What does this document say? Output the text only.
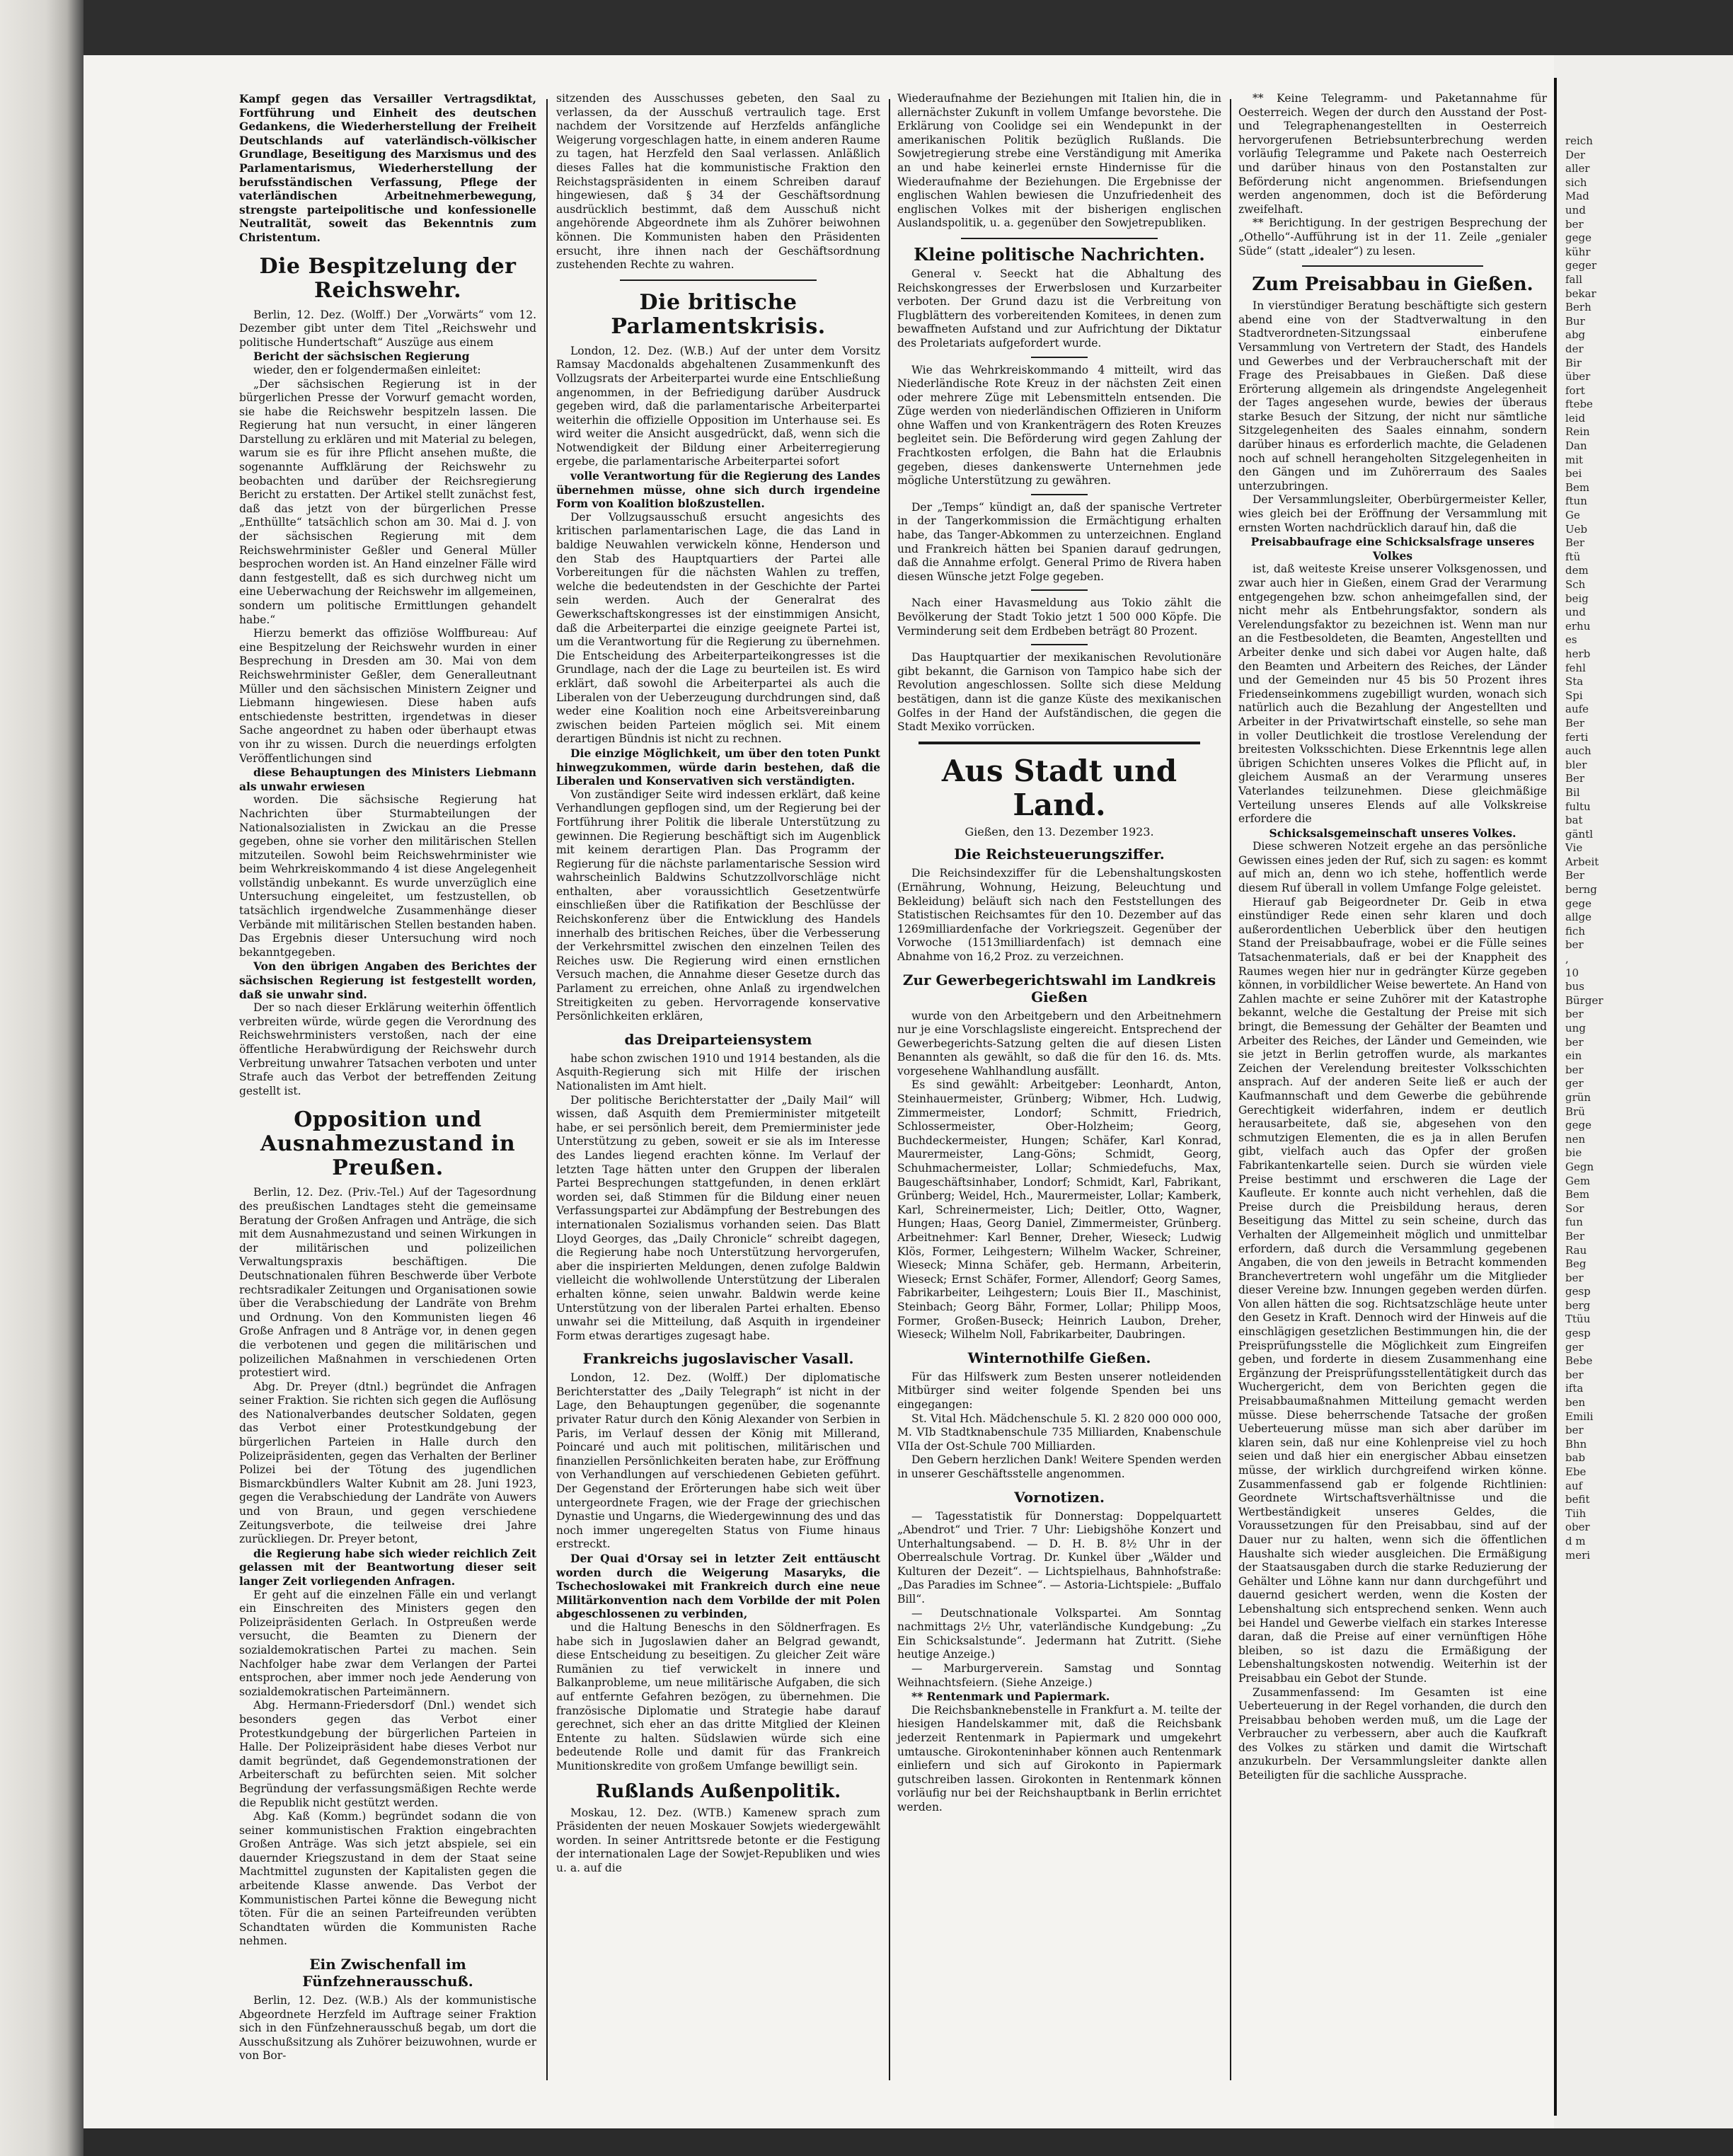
Kampf gegen das Versailler Vertragsdiktat, Fortführung und Einheit des deutschen Gedankens, die Wiederherstellung der Freiheit Deutschlands auf vaterländisch-völkischer Grundlage, Beseitigung des Marxismus und des Parlamentarismus, Wiederherstellung der berufsständischen Verfassung, Pflege der vaterländischen Arbeitnehmerbewegung, strengste parteipolitische und konfessionelle Neutralität, soweit das Bekenntnis zum Christentum.

Die Bespitzelung der Reichswehr.

Berlin, 12. Dez. (Wolff.) Der „Vorwärts“ vom 12. Dezember gibt unter dem Titel „Reichswehr und politische Hundertschaft“ Auszüge aus einem

Bericht der sächsischen Regierung

wieder, den er folgendermaßen einleitet:

„Der sächsischen Regierung ist in der bürgerlichen Presse der Vorwurf gemacht worden, sie habe die Reichswehr bespitzeln lassen. Die Regierung hat nun versucht, in einer längeren Darstellung zu erklären und mit Material zu belegen, warum sie es für ihre Pflicht ansehen mußte, die sogenannte Auffklärung der Reichswehr zu beobachten und darüber der Reichsregierung Bericht zu erstatten. Der Artikel stellt zunächst fest, daß das jetzt von der bürgerlichen Presse „Enthüllte“ tatsächlich schon am 30. Mai d. J. von der sächsischen Regierung mit dem Reichswehrminister Geßler und General Müller besprochen worden ist. An Hand einzelner Fälle wird dann festgestellt, daß es sich durchweg nicht um eine Ueberwachung der Reichswehr im allgemeinen, sondern um politische Ermittlungen gehandelt habe.“

Hierzu bemerkt das offiziöse Wolffbureau: Auf eine Bespitzelung der Reichswehr wurden in einer Besprechung in Dresden am 30. Mai von dem Reichswehrminister Geßler, dem Generalleutnant Müller und den sächsischen Ministern Zeigner und Liebmann hingewiesen. Diese haben aufs entschiedenste bestritten, irgendetwas in dieser Sache angeordnet zu haben oder überhaupt etwas von ihr zu wissen. Durch die neuerdings erfolgten Veröffentlichungen sind

diese Behauptungen des Ministers Liebmann als unwahr erwiesen

worden. Die sächsische Regierung hat Nachrichten über Sturmabteilungen der Nationalsozialisten in Zwickau an die Presse gegeben, ohne sie vorher den militärischen Stellen mitzuteilen. Sowohl beim Reichswehrminister wie beim Wehrkreiskommando 4 ist diese Angelegenheit vollständig unbekannt. Es wurde unverzüglich eine Untersuchung eingeleitet, um festzustellen, ob tatsächlich irgendwelche Zusammenhänge dieser Verbände mit militärischen Stellen bestanden haben. Das Ergebnis dieser Untersuchung wird noch bekanntgegeben.

Von den übrigen Angaben des Berichtes der sächsischen Regierung ist festgestellt worden, daß sie unwahr sind.

Der so nach dieser Erklärung weiterhin öffentlich verbreiten würde, würde gegen die Verordnung des Reichswehrministers verstoßen, nach der eine öffentliche Herabwürdigung der Reichswehr durch Verbreitung unwahrer Tatsachen verboten und unter Strafe auch das Verbot der betreffenden Zeitung gestellt ist.

Opposition und Ausnahmezustand in Preußen.

Berlin, 12. Dez. (Priv.-Tel.) Auf der Tagesordnung des preußischen Landtages steht die gemeinsame Beratung der Großen Anfragen und Anträge, die sich mit dem Ausnahmezustand und seinen Wirkungen in der militärischen und polizeilichen Verwaltungspraxis beschäftigen. Die Deutschnationalen führen Beschwerde über Verbote rechtsradikaler Zeitungen und Organisationen sowie über die Verabschiedung der Landräte von Brehm und Ordnung. Von den Kommunisten liegen 46 Große Anfragen und 8 Anträge vor, in denen gegen die verbotenen und gegen die militärischen und polizeilichen Maßnahmen in verschiedenen Orten protestiert wird.

Abg. Dr. Preyer (dtnl.) begründet die Anfragen seiner Fraktion. Sie richten sich gegen die Auflösung des Nationalverbandes deutscher Soldaten, gegen das Verbot einer Protestkundgebung der bürgerlichen Parteien in Halle durch den Polizeipräsidenten, gegen das Verhalten der Berliner Polizei bei der Tötung des jugendlichen Bismarckbündlers Walter Kubnit am 28. Juni 1923, gegen die Verabschiedung der Landräte von Auwers und von Braun, und gegen verschiedene Zeitungsverbote, die teilweise drei Jahre zurückliegen. Dr. Preyer betont,

die Regierung habe sich wieder reichlich Zeit gelassen mit der Beantwortung dieser seit langer Zeit vorliegenden Anfragen.

Er geht auf die einzelnen Fälle ein und verlangt ein Einschreiten des Ministers gegen den Polizeipräsidenten Gerlach. In Ostpreußen werde versucht, die Beamten zu Dienern der sozialdemokratischen Partei zu machen. Sein Nachfolger habe zwar dem Verlangen der Partei entsprochen, aber immer noch jede Aenderung von sozialdemokratischen Parteimännern.

Abg. Hermann-Friedersdorf (Dnl.) wendet sich besonders gegen das Verbot einer Protestkundgebung der bürgerlichen Parteien in Halle. Der Polizeipräsident habe dieses Verbot nur damit begründet, daß Gegendemonstrationen der Arbeiterschaft zu befürchten seien. Mit solcher Begründung der verfassungsmäßigen Rechte werde die Republik nicht gestützt werden.

Abg. Kaß (Komm.) begründet sodann die von seiner kommunistischen Fraktion eingebrachten Großen Anträge. Was sich jetzt abspiele, sei ein dauernder Kriegszustand in dem der Staat seine Machtmittel zugunsten der Kapitalisten gegen die arbeitende Klasse anwende. Das Verbot der Kommunistischen Partei könne die Bewegung nicht töten. Für die an seinen Parteifreunden verübten Schandtaten würden die Kommunisten Rache nehmen.

Ein Zwischenfall im Fünfzehnerausschuß.

Berlin, 12. Dez. (W.B.) Als der kommunistische Abgeordnete Herzfeld im Auftrage seiner Fraktion sich in den Fünfzehnerausschuß begab, um dort die Ausschußsitzung als Zuhörer beizuwohnen, wurde er von Bor-

sitzenden des Ausschusses gebeten, den Saal zu verlassen, da der Ausschuß vertraulich tage. Erst nachdem der Vorsitzende auf Herzfelds anfängliche Weigerung vorgeschlagen hatte, in einem anderen Raume zu tagen, hat Herzfeld den Saal verlassen. Anläßlich dieses Falles hat die kommunistische Fraktion den Reichstagspräsidenten in einem Schreiben darauf hingewiesen, daß § 34 der Geschäftsordnung ausdrücklich bestimmt, daß dem Ausschuß nicht angehörende Abgeordnete ihm als Zuhörer beiwohnen können. Die Kommunisten haben den Präsidenten ersucht, ihre ihnen nach der Geschäftsordnung zustehenden Rechte zu wahren.

Die britische Parlamentskrisis.

London, 12. Dez. (W.B.) Auf der unter dem Vorsitz Ramsay Macdonalds abgehaltenen Zusammenkunft des Vollzugsrats der Arbeiterpartei wurde eine Entschließung angenommen, in der Befriedigung darüber Ausdruck gegeben wird, daß die parlamentarische Arbeiterpartei weiterhin die offizielle Opposition im Unterhause sei. Es wird weiter die Ansicht ausgedrückt, daß, wenn sich die Notwendigkeit der Bildung einer Arbeiterregierung ergebe, die parlamentarische Arbeiterpartei sofort

volle Verantwortung für die Regierung des Landes übernehmen müsse, ohne sich durch irgendeine Form von Koalition bloßzustellen.

Der Vollzugsausschuß ersucht angesichts des kritischen parlamentarischen Lage, die das Land in baldige Neuwahlen verwickeln könne, Henderson und den Stab des Hauptquartiers der Partei alle Vorbereitungen für die nächsten Wahlen zu treffen, welche die bedeutendsten in der Geschichte der Partei sein werden. Auch der Generalrat des Gewerkschaftskongresses ist der einstimmigen Ansicht, daß die Arbeiterpartei die einzige geeignete Partei ist, um die Verantwortung für die Regierung zu übernehmen. Die Entscheidung des Arbeiterparteikongresses ist die Grundlage, nach der die Lage zu beurteilen ist. Es wird erklärt, daß sowohl die Arbeiterpartei als auch die Liberalen von der Ueberzeugung durchdrungen sind, daß weder eine Koalition noch eine Arbeitsvereinbarung zwischen beiden Parteien möglich sei. Mit einem derartigen Bündnis ist nicht zu rechnen.

Die einzige Möglichkeit, um über den toten Punkt hinwegzukommen, würde darin bestehen, daß die Liberalen und Konservativen sich verständigten.

Von zuständiger Seite wird indessen erklärt, daß keine Verhandlungen gepflogen sind, um der Regierung bei der Fortführung ihrer Politik die liberale Unterstützung zu gewinnen. Die Regierung beschäftigt sich im Augenblick mit keinem derartigen Plan. Das Programm der Regierung für die nächste parlamentarische Session wird wahrscheinlich Baldwins Schutzzollvorschläge nicht enthalten, aber voraussichtlich Gesetzentwürfe einschließen über die Ratifikation der Beschlüsse der Reichskonferenz über die Entwicklung des Handels innerhalb des britischen Reiches, über die Verbesserung der Verkehrsmittel zwischen den einzelnen Teilen des Reiches usw. Die Regierung wird einen ernstlichen Versuch machen, die Annahme dieser Gesetze durch das Parlament zu erreichen, ohne Anlaß zu irgendwelchen Streitigkeiten zu geben. Hervorragende konservative Persönlichkeiten erklären,

das Dreiparteiensystem

habe schon zwischen 1910 und 1914 bestanden, als die Asquith-Regierung sich mit Hilfe der irischen Nationalisten im Amt hielt.

Der politische Berichterstatter der „Daily Mail“ will wissen, daß Asquith dem Premierminister mitgeteilt habe, er sei persönlich bereit, dem Premierminister jede Unterstützung zu geben, soweit er sie als im Interesse des Landes liegend erachten könne. Im Verlauf der letzten Tage hätten unter den Gruppen der liberalen Partei Besprechungen stattgefunden, in denen erklärt worden sei, daß Stimmen für die Bildung einer neuen Verfassungspartei zur Abdämpfung der Bestrebungen des internationalen Sozialismus vorhanden seien. Das Blatt Lloyd Georges, das „Daily Chronicle“ schreibt dagegen, die Regierung habe noch Unterstützung hervorgerufen, aber die inspirierten Meldungen, denen zufolge Baldwin vielleicht die wohlwollende Unterstützung der Liberalen erhalten könne, seien unwahr. Baldwin werde keine Unterstützung von der liberalen Partei erhalten. Ebenso unwahr sei die Mitteilung, daß Asquith in irgendeiner Form etwas derartiges zugesagt habe.

Frankreichs jugoslavischer Vasall.

London, 12. Dez. (Wolff.) Der diplomatische Berichterstatter des „Daily Telegraph“ ist nicht in der Lage, den Behauptungen gegenüber, die sogenannte privater Ratur durch den König Alexander von Serbien in Paris, im Verlauf dessen der König mit Millerand, Poincaré und auch mit politischen, militärischen und finanziellen Persönlichkeiten beraten habe, zur Eröffnung von Verhandlungen auf verschiedenen Gebieten geführt. Der Gegenstand der Erörterungen habe sich weit über untergeordnete Fragen, wie der Frage der griechischen Dynastie und Ungarns, die Wiedergewinnung des und das noch immer ungeregelten Status von Fiume hinaus erstreckt.

Der Quai d'Orsay sei in letzter Zeit enttäuscht worden durch die Weigerung Masaryks, die Tschechoslowakei mit Frankreich durch eine neue Militärkonvention nach dem Vorbilde der mit Polen abgeschlossenen zu verbinden,

und die Haltung Beneschs in den Söldnerfragen. Es habe sich in Jugoslawien daher an Belgrad gewandt, diese Entscheidung zu beseitigen. Zu gleicher Zeit wäre Rumänien zu tief verwickelt in innere und Balkanprobleme, um neue militärische Aufgaben, die sich auf entfernte Gefahren bezögen, zu übernehmen. Die französische Diplomatie und Strategie habe darauf gerechnet, sich eher an das dritte Mitglied der Kleinen Entente zu halten. Südslawien würde sich eine bedeutende Rolle und damit für das Frankreich Munitionskredite von großem Umfange bewilligt sein.

Rußlands Außenpolitik.

Moskau, 12. Dez. (WTB.) Kamenew sprach zum Präsidenten der neuen Moskauer Sowjets wiedergewählt worden. In seiner Antrittsrede betonte er die Festigung der internationalen Lage der Sowjet-Republiken und wies u. a. auf die

Wiederaufnahme der Beziehungen mit Italien hin, die in allernächster Zukunft in vollem Umfange bevorstehe. Die Erklärung von Coolidge sei ein Wendepunkt in der amerikanischen Politik bezüglich Rußlands. Die Sowjetregierung strebe eine Verständigung mit Amerika an und habe keinerlei ernste Hindernisse für die Wiederaufnahme der Beziehungen. Die Ergebnisse der englischen Wahlen bewiesen die Unzufriedenheit des englischen Volkes mit der bisherigen englischen Auslandspolitik, u. a. gegenüber den Sowjetrepubliken.

Kleine politische Nachrichten.

General v. Seeckt hat die Abhaltung des Reichskongresses der Erwerbslosen und Kurzarbeiter verboten. Der Grund dazu ist die Verbreitung von Flugblättern des vorbereitenden Komitees, in denen zum bewaffneten Aufstand und zur Aufrichtung der Diktatur des Proletariats aufgefordert wurde.

Wie das Wehrkreiskommando 4 mitteilt, wird das Niederländische Rote Kreuz in der nächsten Zeit einen oder mehrere Züge mit Lebensmitteln entsenden. Die Züge werden von niederländischen Offizieren in Uniform ohne Waffen und von Krankenträgern des Roten Kreuzes begleitet sein. Die Beförderung wird gegen Zahlung der Frachtkosten erfolgen, die Bahn hat die Erlaubnis gegeben, dieses dankenswerte Unternehmen jede mögliche Unterstützung zu gewähren.

Der „Temps“ kündigt an, daß der spanische Vertreter in der Tangerkommission die Ermächtigung erhalten habe, das Tanger-Abkommen zu unterzeichnen. England und Frankreich hätten bei Spanien darauf gedrungen, daß die Annahme erfolgt. General Primo de Rivera haben diesen Wünsche jetzt Folge gegeben.

Nach einer Havasmeldung aus Tokio zählt die Bevölkerung der Stadt Tokio jetzt 1 500 000 Köpfe. Die Verminderung seit dem Erdbeben beträgt 80 Prozent.

Das Hauptquartier der mexikanischen Revolutionäre gibt bekannt, die Garnison von Tampico habe sich der Revolution angeschlossen. Sollte sich diese Meldung bestätigen, dann ist die ganze Küste des mexikanischen Golfes in der Hand der Aufständischen, die gegen die Stadt Mexiko vorrücken.

Aus Stadt und Land.

Gießen, den 13. Dezember 1923.

Die Reichsteuerungsziffer.

Die Reichsindexziffer für die Lebenshaltungskosten (Ernährung, Wohnung, Heizung, Beleuchtung und Bekleidung) beläuft sich nach den Feststellungen des Statistischen Reichsamtes für den 10. Dezember auf das 1269milliardenfache der Vorkriegszeit. Gegenüber der Vorwoche (1513milliardenfach) ist demnach eine Abnahme von 16,2 Proz. zu verzeichnen.

Zur Gewerbegerichtswahl im Landkreis Gießen

wurde von den Arbeitgebern und den Arbeitnehmern nur je eine Vorschlagsliste eingereicht. Entsprechend der Gewerbegerichts-Satzung gelten die auf diesen Listen Benannten als gewählt, so daß die für den 16. ds. Mts. vorgesehene Wahlhandlung ausfällt.

Es sind gewählt: Arbeitgeber: Leonhardt, Anton, Steinhauermeister, Grünberg; Wibmer, Hch. Ludwig, Zimmermeister, Londorf; Schmitt, Friedrich, Schlossermeister, Ober-Holzheim; Georg, Buchdeckermeister, Hungen; Schäfer, Karl Konrad, Maurermeister, Lang-Göns; Schmidt, Georg, Schuhmachermeister, Lollar; Schmiedefuchs, Max, Baugeschäftsinhaber, Londorf; Schmidt, Karl, Fabrikant, Grünberg; Weidel, Hch., Maurermeister, Lollar; Kamberk, Karl, Schreinermeister, Lich; Deitler, Otto, Wagner, Hungen; Haas, Georg Daniel, Zimmermeister, Grünberg. Arbeitnehmer: Karl Benner, Dreher, Wieseck; Ludwig Klös, Former, Leihgestern; Wilhelm Wacker, Schreiner, Wieseck; Minna Schäfer, geb. Hermann, Arbeiterin, Wieseck; Ernst Schäfer, Former, Allendorf; Georg Sames, Fabrikarbeiter, Leihgestern; Louis Bier II., Maschinist, Steinbach; Georg Bähr, Former, Lollar; Philipp Moos, Former, Großen-Buseck; Heinrich Laubon, Dreher, Wieseck; Wilhelm Noll, Fabrikarbeiter, Daubringen.

Winternothilfe Gießen.

Für das Hilfswerk zum Besten unserer notleidenden Mitbürger sind weiter folgende Spenden bei uns eingegangen:

St. Vital Hch. Mädchenschule 5. Kl. 2 820 000 000 000, M. VIb Stadtknabenschule 735 Milliarden, Knabenschule VIIa der Ost-Schule 700 Milliarden.

Den Gebern herzlichen Dank! Weitere Spenden werden in unserer Geschäftsstelle angenommen.

Vornotizen.

— Tagesstatistik für Donnerstag: Doppelquartett „Abendrot“ und Trier. 7 Uhr: Liebigshöhe Konzert und Unterhaltungsabend. — D. H. B. 8½ Uhr in der Oberrealschule Vortrag. Dr. Kunkel über „Wälder und Kulturen der Dezeit“. — Lichtspielhaus, Bahnhofstraße: „Das Paradies im Schnee“. — Astoria-Lichtspiele: „Buffalo Bill“.

— Deutschnationale Volkspartei. Am Sonntag nachmittags 2½ Uhr, vaterländische Kundgebung: „Zu Ein Schicksalstunde“. Jedermann hat Zutritt. (Siehe heutige Anzeige.)

— Marburgerverein. Samstag und Sonntag Weihnachtsfeiern. (Siehe Anzeige.)

** Rentenmark und Papiermark.

Die Reichsbanknebenstelle in Frankfurt a. M. teilte der hiesigen Handelskammer mit, daß die Reichsbank jederzeit Rentenmark in Papiermark und umgekehrt umtausche. Girokonteninhaber können auch Rentenmark einliefern und sich auf Girokonto in Papiermark gutschreiben lassen. Girokonten in Rentenmark können vorläufig nur bei der Reichshauptbank in Berlin errichtet werden.

** Keine Telegramm- und Paketannahme für Oesterreich. Wegen der durch den Ausstand der Post- und Telegraphenangestellten in Oesterreich hervorgerufenen Betriebsunterbrechung werden vorläufig Telegramme und Pakete nach Oesterreich und darüber hinaus von den Postanstalten zur Beförderung nicht angenommen. Briefsendungen werden angenommen, doch ist die Beförderung zweifelhaft.

** Berichtigung. In der gestrigen Besprechung der „Othello“-Aufführung ist in der 11. Zeile „genialer Süde“ (statt „idealer“) zu lesen.

Zum Preisabbau in Gießen.

In vierstündiger Beratung beschäftigte sich gestern abend eine von der Stadtverwaltung in den Stadtverordneten-Sitzungssaal einberufene Versammlung von Vertretern der Stadt, des Handels und Gewerbes und der Verbraucherschaft mit der Frage des Preisabbaues in Gießen. Daß diese Erörterung allgemein als dringendste Angelegenheit der Tages angesehen wurde, bewies der überaus starke Besuch der Sitzung, der nicht nur sämtliche Sitzgelegenheiten des Saales einnahm, sondern darüber hinaus es erforderlich machte, die Geladenen noch auf schnell herangeholten Sitzgelegenheiten in den Gängen und im Zuhörerraum des Saales unterzubringen.

Der Versammlungsleiter, Oberbürgermeister Keller, wies gleich bei der Eröffnung der Versammlung mit ernsten Worten nachdrücklich darauf hin, daß die

Preisabbaufrage eine Schicksalsfrage unseres Volkes

ist, daß weiteste Kreise unserer Volksgenossen, und zwar auch hier in Gießen, einem Grad der Verarmung entgegengehen bzw. schon anheimgefallen sind, der nicht mehr als Entbehrungsfaktor, sondern als Verelendungsfaktor zu bezeichnen ist. Wenn man nur an die Festbesoldeten, die Beamten, Angestellten und Arbeiter denke und sich dabei vor Augen halte, daß den Beamten und Arbeitern des Reiches, der Länder und der Gemeinden nur 45 bis 50 Prozent ihres Friedenseinkommens zugebilligt wurden, wonach sich natürlich auch die Bezahlung der Angestellten und Arbeiter in der Privatwirtschaft einstelle, so sehe man in voller Deutlichkeit die trostlose Verelendung der breitesten Volksschichten. Diese Erkenntnis lege allen übrigen Schichten unseres Volkes die Pflicht auf, in gleichem Ausmaß an der Verarmung unseres Vaterlandes teilzunehmen. Diese gleichmäßige Verteilung unseres Elends auf alle Volkskreise erfordere die

Schicksalsgemeinschaft unseres Volkes.

Diese schweren Notzeit ergehe an das persönliche Gewissen eines jeden der Ruf, sich zu sagen: es kommt auf mich an, denn wo ich stehe, hoffentlich werde diesem Ruf überall in vollem Umfange Folge geleistet.

Hierauf gab Beigeordneter Dr. Geib in etwa einstündiger Rede einen sehr klaren und doch außerordentlichen Ueberblick über den heutigen Stand der Preisabbaufrage, wobei er die Fülle seines Tatsachenmaterials, daß er bei der Knappheit des Raumes wegen hier nur in gedrängter Kürze gegeben können, in vorbildlicher Weise bewertete. An Hand von Zahlen machte er seine Zuhörer mit der Katastrophe bekannt, welche die Gestaltung der Preise mit sich bringt, die Bemessung der Gehälter der Beamten und Arbeiter des Reiches, der Länder und Gemeinden, wie sie jetzt in Berlin getroffen wurde, als markantes Zeichen der Verelendung breitester Volksschichten ansprach. Auf der anderen Seite ließ er auch der Kaufmannschaft und dem Gewerbe die gebührende Gerechtigkeit widerfahren, indem er deutlich herausarbeitete, daß sie, abgesehen von den schmutzigen Elementen, die es ja in allen Berufen gibt, vielfach auch das Opfer der großen Fabrikantenkartelle seien. Durch sie würden viele Preise bestimmt und erschweren die Lage der Kaufleute. Er konnte auch nicht verhehlen, daß die Preise durch die Preisbildung heraus, deren Beseitigung das Mittel zu sein scheine, durch das Verhalten der Allgemeinheit möglich und unmittelbar erfordern, daß durch die Versammlung gegebenen Angaben, die von den jeweils in Betracht kommenden Branchevertretern wohl ungefähr um die Mitglieder dieser Vereine bzw. Innungen gegeben werden dürfen. Von allen hätten die sog. Richtsatzschläge heute unter den Gesetz in Kraft. Dennoch wird der Hinweis auf die einschlägigen gesetzlichen Bestimmungen hin, die der Preisprüfungsstelle die Möglichkeit zum Eingreifen geben, und forderte in diesem Zusammenhang eine Ergänzung der Preisprüfungsstellentätigkeit durch das Wuchergericht, dem von Berichten gegen die Preisabbaumaßnahmen Mitteilung gemacht werden müsse. Diese beherrschende Tatsache der großen Ueberteuerung müsse man sich aber darüber im klaren sein, daß nur eine Kohlenpreise viel zu hoch seien und daß hier ein energischer Abbau einsetzen müsse, der wirklich durchgreifend wirken könne. Zusammenfassend gab er folgende Richtlinien: Geordnete Wirtschaftsverhältnisse und die Wertbeständigkeit unseres Geldes, die Voraussetzungen für den Preisabbau, sind auf der Dauer nur zu halten, wenn sich die öffentlichen Haushalte sich wieder ausgleichen. Die Ermäßigung der Staatsausgaben durch die starke Reduzierung der Gehälter und Löhne kann nur dann durchgeführt und dauernd gesichert werden, wenn die Kosten der Lebenshaltung sich entsprechend senken. Wenn auch bei Handel und Gewerbe vielfach ein starkes Interesse daran, daß die Preise auf einer vernünftigen Höhe bleiben, so ist dazu die Ermäßigung der Lebenshaltungskosten notwendig. Weiterhin ist der Preisabbau ein Gebot der Stunde.

Zusammenfassend: Im Gesamten ist eine Ueberteuerung in der Regel vorhanden, die durch den Preisabbau behoben werden muß, um die Lage der Verbraucher zu verbessern, aber auch die Kaufkraft des Volkes zu stärken und damit die Wirtschaft anzukurbeln. Der Versammlungsleiter dankte allen Beteiligten für die sachliche Aussprache.

reich
Der
aller
sich
Mad
und
ber
gege
kühr
geger
fall
bekar
Berh
Bur
abg
der
Bir
über
fort
ftebe
leid
Rein
Dan
mit
bei
Bem
ftun
Ge
Ueb
Ber
ftü
dem
Sch
beig
und
erhu
es
herb
fehl
Sta
Spi
aufe
Ber
ferti
auch
bler
Ber
Bil
fultu
bat
gäntl
Vie
Arbeit
Ber
berng
gege
allge
fich
ber
,
10
bus
Bürger
ber
ung
ber
ein
ber
ger
grün
Brü
gege
nen
bie
Gegn
Gem
Bem
Sor
fun
Ber
Rau
Beg
ber
gesp
berg
Ttüu
gesp
ger
Bebe
ber
ifta
ben
Emili
ber
Bhn
bab
Ebe
auf
befit
Tiih
ober
d m
meri
